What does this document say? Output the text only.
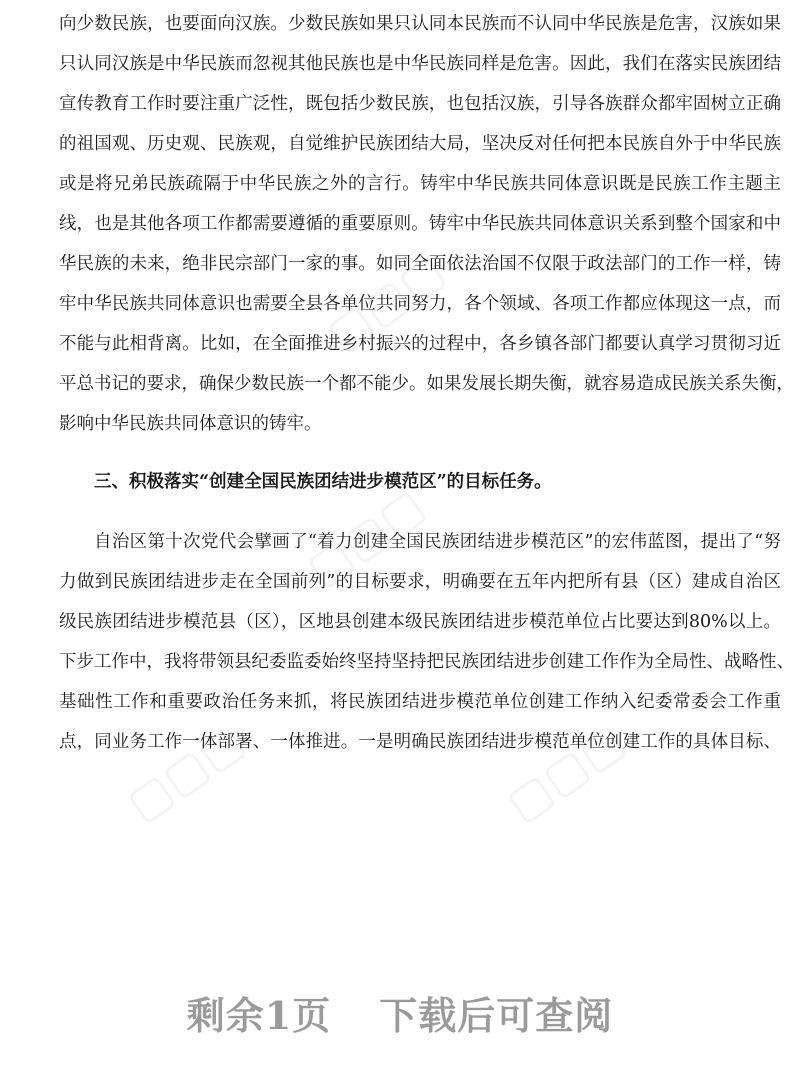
▢▢▢
▢▢▢
▢▢▢	▢▢▢

向少数民族，也要面向汉族。少数民族如果只认同本民族而不认同中华民族是危害，汉族如果

只认同汉族是中华民族而忽视其他民族也是中华民族同样是危害。因此，我们在落实民族团结

宣传教育工作时要注重广泛性，既包括少数民族，也包括汉族，引导各族群众都牢固树立正确

的祖国观、历史观、民族观，自觉维护民族团结大局，坚决反对任何把本民族自外于中华民族

或是将兄弟民族疏隔于中华民族之外的言行。铸牢中华民族共同体意识既是民族工作主题主

线，也是其他各项工作都需要遵循的重要原则。铸牢中华民族共同体意识关系到整个国家和中

华民族的未来，绝非民宗部门一家的事。如同全面依法治国不仅限于政法部门的工作一样，铸

牢中华民族共同体意识也需要全县各单位共同努力，各个领域、各项工作都应体现这一点，而

不能与此相背离。比如，在全面推进乡村振兴的过程中，各乡镇各部门都要认真学习贯彻习近

平总书记的要求，确保少数民族一个都不能少。如果发展长期失衡，就容易造成民族关系失衡，

影响中华民族共同体意识的铸牢。

三、积极落实“创建全国民族团结进步模范区”的目标任务。

自治区第十次党代会擘画了“着力创建全国民族团结进步模范区”的宏伟蓝图，提出了“努

力做到民族团结进步走在全国前列”的目标要求，明确要在五年内把所有县（区）建成自治区

级民族团结进步模范县（区），区地县创建本级民族团结进步模范单位占比要达到80%以上。

下步工作中，我将带领县纪委监委始终坚持坚持把民族团结进步创建工作作为全局性、战略性、

基础性工作和重要政治任务来抓，将民族团结进步模范单位创建工作纳入纪委常委会工作重

点，同业务工作一体部署、一体推进。一是明确民族团结进步模范单位创建工作的具体目标、

剩余1页 下载后可查阅
